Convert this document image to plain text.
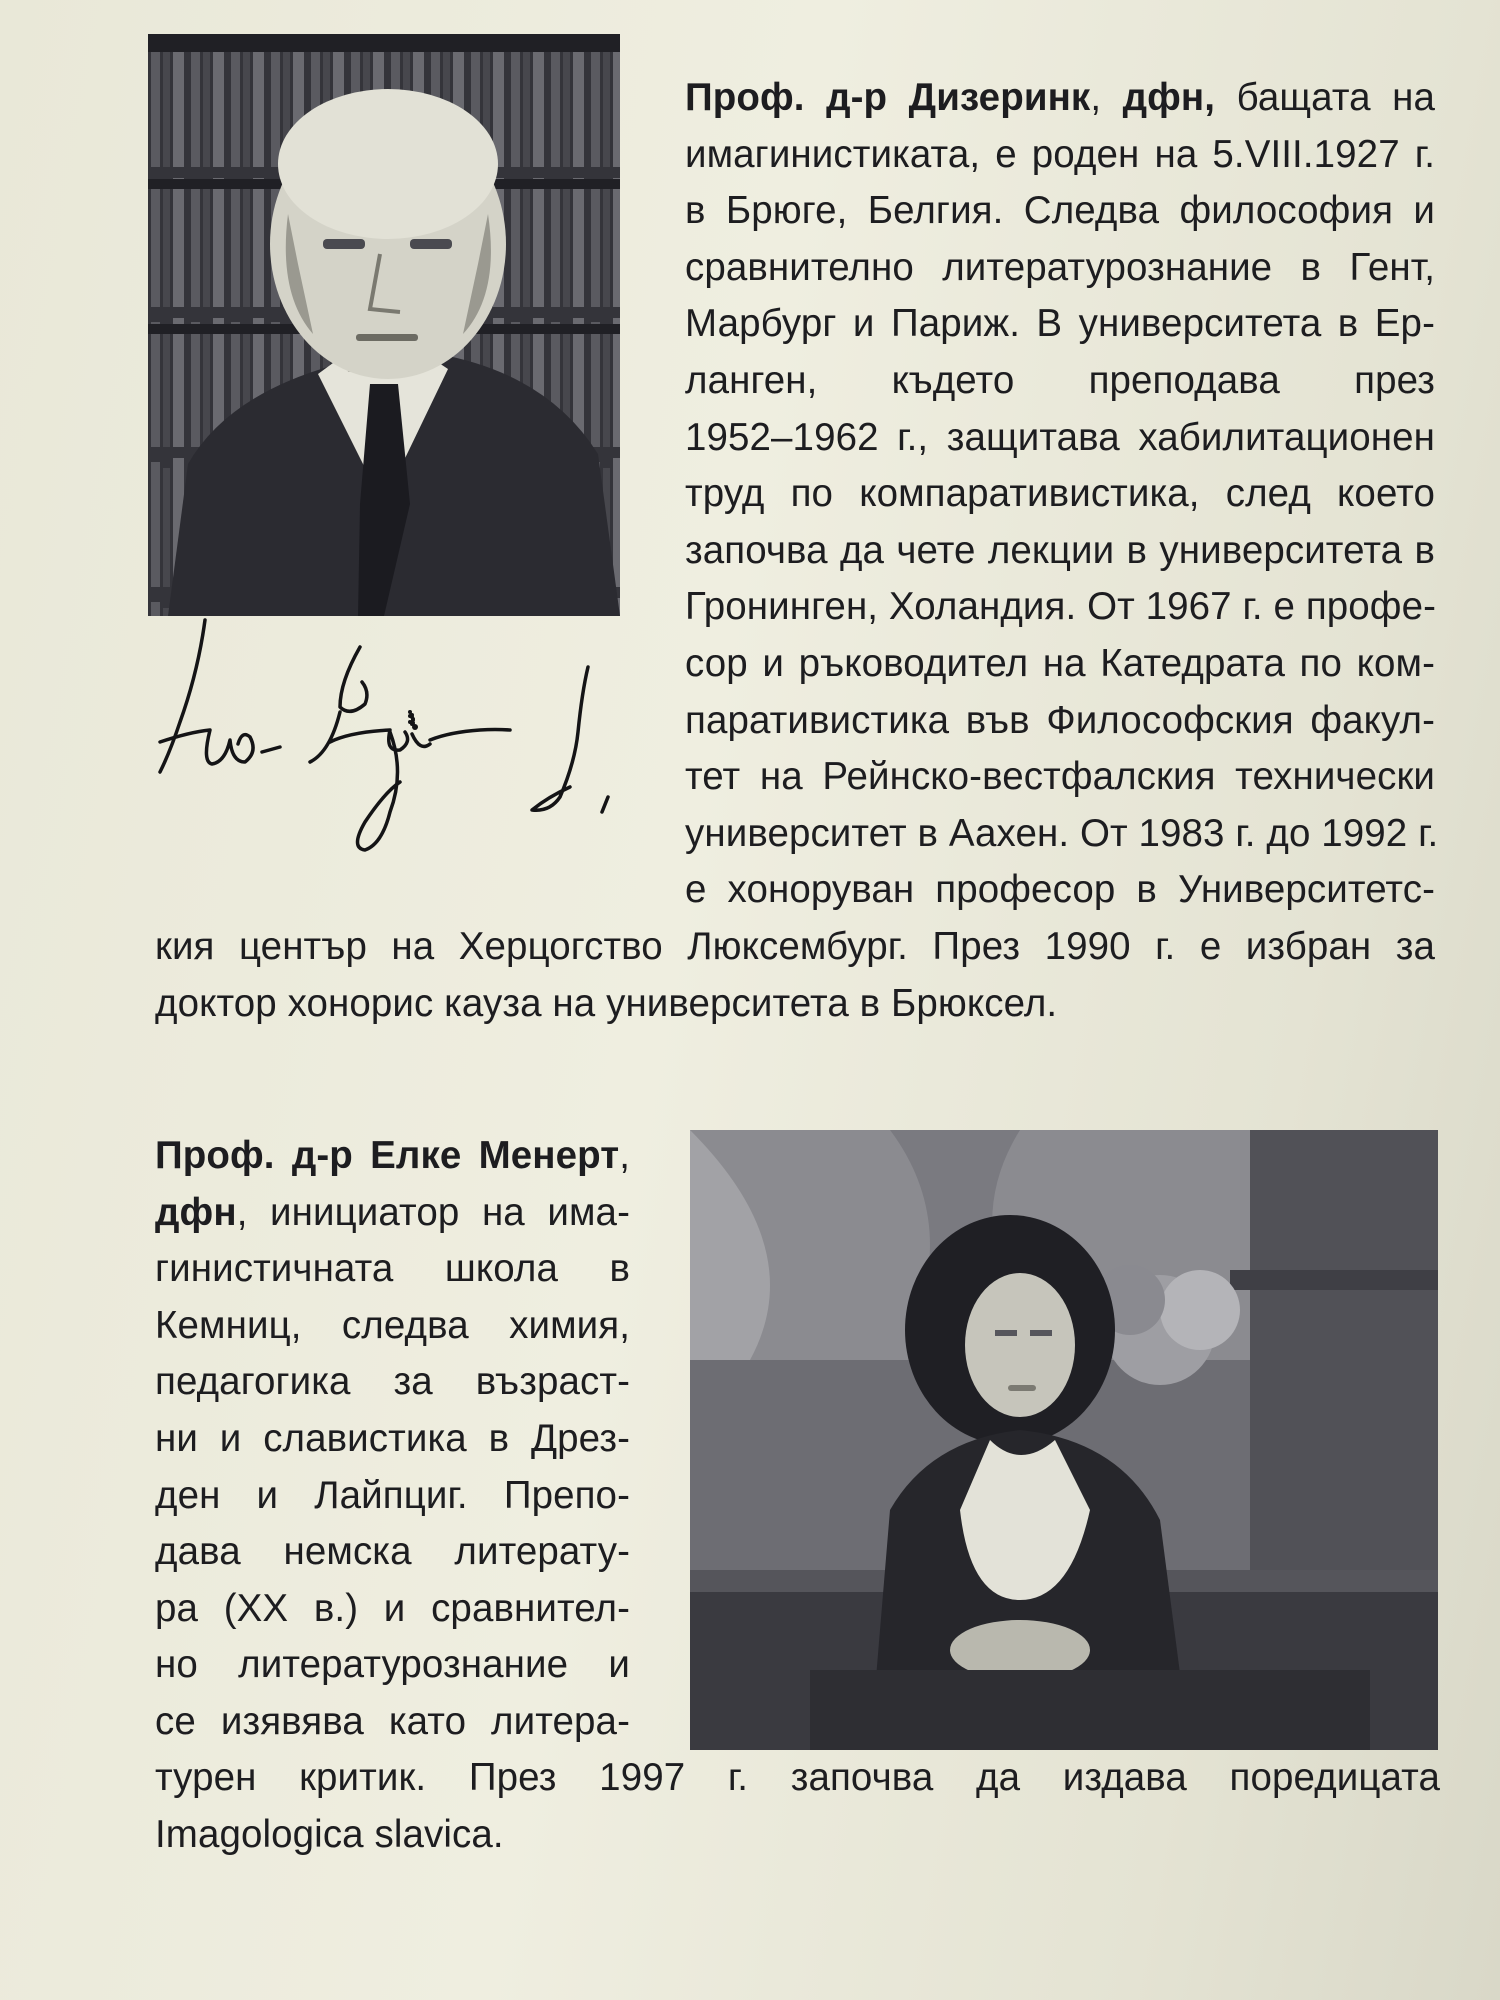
Проф. д-р Дизеринк, дфн, бащата на
имагинистиката, е роден на 5.VIII.1927 г.
в Брюге, Белгия. Следва философия и
сравнително литературознание в Гент,
Марбург и Париж. В университета в Ер-
ланген, където преподава през
1952–1962 г., защитава хабилитационен
труд по компаративистика, след което
започва да чете лекции в университета в
Гронинген, Холандия. От 1967 г. е профе-
сор и ръководител на Катедрата по ком-
паративистика във Философския факул-
тет на Рейнско-вестфалския технически
университет в Аахен. От 1983 г. до 1992 г.
е хоноруван професор в Университетс-
кия център на Херцогство Люксембург. През 1990 г. е избран за
доктор хонорис кауза на университета в Брюксел.
Проф. д-р Елке Менерт,
дфн, инициатор на има-
гинистичната школа в
Кемниц, следва химия,
педагогика за възраст-
ни и славистика в Дрез-
ден и Лайпциг. Препо-
дава немска литерату-
ра (XX в.) и сравнител-
но литературознание и
се изявява като литера-
турен критик. През 1997 г. започва да издава поредицата
Imagologica slavica.
